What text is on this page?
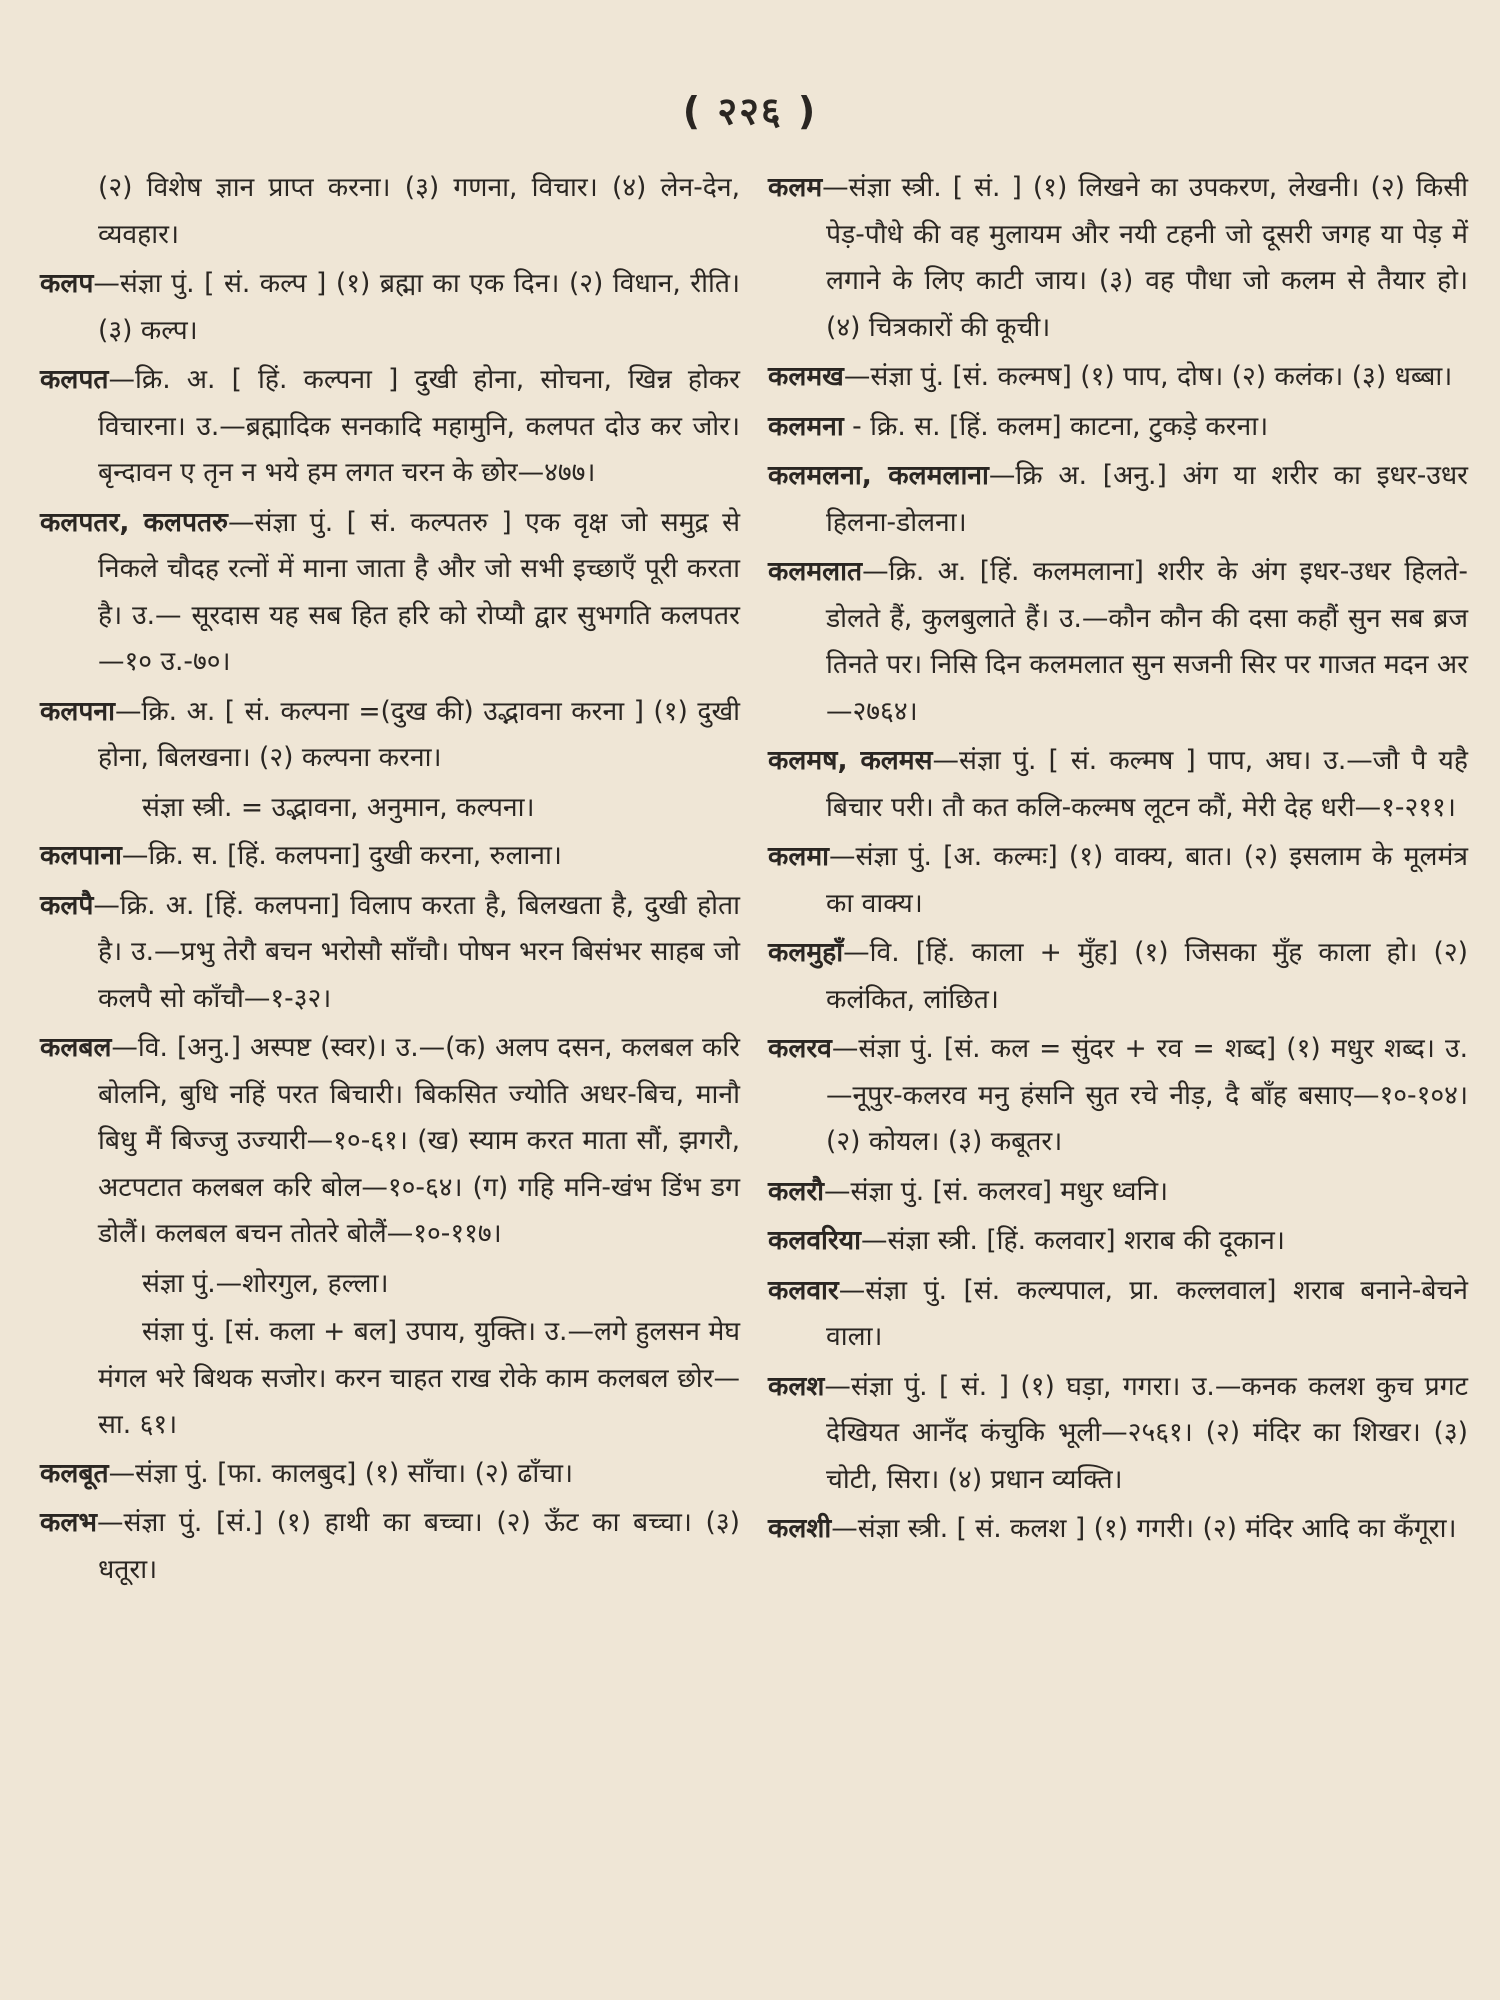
( २२६ )

(२) विशेष ज्ञान प्राप्त करना। (३) गणना, विचार। (४) लेन-देन, व्यवहार।

कलप—संज्ञा पुं. [ सं. कल्प ] (१) ब्रह्मा का एक दिन। (२) विधान, रीति। (३) कल्प।

कलपत—क्रि. अ. [ हिं. कल्पना ] दुखी होना, सोचना, खिन्न होकर विचारना। उ.—ब्रह्मादिक सनकादि महामुनि, कलपत दोउ कर जोर। बृन्दावन ए तृन न भये हम लगत चरन के छोर—४७७।

कलपतर, कलपतरु—संज्ञा पुं. [ सं. कल्पतरु ] एक वृक्ष जो समुद्र से निकले चौदह रत्नों में माना जाता है और जो सभी इच्छाएँ पूरी करता है। उ.— सूरदास यह सब हित हरि को रोप्यौ द्वार सुभगति कलपतर—१० उ.-७०।

कलपना—क्रि. अ. [ सं. कल्पना =(दुख की) उद्भावना करना ] (१) दुखी होना, बिलखना। (२) कल्पना करना।

संज्ञा स्त्री. = उद्भावना, अनुमान, कल्पना।

कलपाना—क्रि. स. [हिं. कलपना] दुखी करना, रुलाना।

कलपै—क्रि. अ. [हिं. कलपना] विलाप करता है, बिलखता है, दुखी होता है। उ.—प्रभु तेरौ बचन भरोसौ साँचौ। पोषन भरन बिसंभर साहब जो कलपै सो काँचौ—१-३२।

कलबल—वि. [अनु.] अस्पष्ट (स्वर)। उ.—(क) अलप दसन, कलबल करि बोलनि, बुधि नहिं परत बिचारी। बिकसित ज्योति अधर-बिच, मानौ बिधु मैं बिज्जु उज्यारी—१०-६१। (ख) स्याम करत माता सौं, झगरौ, अटपटात कलबल करि बोल—१०-६४। (ग) गहि मनि-खंभ डिंभ डग डोलैं। कलबल बचन तोतरे बोलैं—१०-११७।

संज्ञा पुं.—शोरगुल, हल्ला।

संज्ञा पुं. [सं. कला + बल] उपाय, युक्ति। उ.—लगे हुलसन मेघ मंगल भरे बिथक सजोर। करन चाहत राख रोके काम कलबल छोर—सा. ६१।

कलबूत—संज्ञा पुं. [फा. कालबुद] (१) साँचा। (२) ढाँचा।

कलभ—संज्ञा पुं. [सं.] (१) हाथी का बच्चा। (२) ऊँट का बच्चा। (३) धतूरा।

कलम—संज्ञा स्त्री. [ सं. ] (१) लिखने का उपकरण, लेखनी। (२) किसी पेड़-पौधे की वह मुलायम और नयी टहनी जो दूसरी जगह या पेड़ में लगाने के लिए काटी जाय। (३) वह पौधा जो कलम से तैयार हो। (४) चित्रकारों की कूची।

कलमख—संज्ञा पुं. [सं. कल्मष] (१) पाप, दोष। (२) कलंक। (३) धब्बा।

कलमना - क्रि. स. [हिं. कलम] काटना, टुकड़े करना।

कलमलना, कलमलाना—क्रि अ. [अनु.] अंग या शरीर का इधर-उधर हिलना-डोलना।

कलमलात—क्रि. अ. [हिं. कलमलाना] शरीर के अंग इधर-उधर हिलते-डोलते हैं, कुलबुलाते हैं। उ.—कौन कौन की दसा कहौं सुन सब ब्रज तिनते पर। निसि दिन कलमलात सुन सजनी सिर पर गाजत मदन अर—२७६४।

कलमष, कलमस—संज्ञा पुं. [ सं. कल्मष ] पाप, अघ। उ.—जौ पै यहै बिचार परी। तौ कत कलि-कल्मष लूटन कौं, मेरी देह धरी—१-२११।

कलमा—संज्ञा पुं. [अ. कल्मः] (१) वाक्य, बात। (२) इसलाम के मूलमंत्र का वाक्य।

कलमुहाँ—वि. [हिं. काला + मुँह] (१) जिसका मुँह काला हो। (२) कलंकित, लांछित।

कलरव—संज्ञा पुं. [सं. कल = सुंदर + रव = शब्द] (१) मधुर शब्द। उ.—नूपुर-कलरव मनु हंसनि सुत रचे नीड़, दै बाँह बसाए—१०-१०४। (२) कोयल। (३) कबूतर।

कलरौ—संज्ञा पुं. [सं. कलरव] मधुर ध्वनि।

कलवरिया—संज्ञा स्त्री. [हिं. कलवार] शराब की दूकान।

कलवार—संज्ञा पुं. [सं. कल्यपाल, प्रा. कल्लवाल] शराब बनाने-बेचने वाला।

कलश—संज्ञा पुं. [ सं. ] (१) घड़ा, गगरा। उ.—कनक कलश कुच प्रगट देखियत आनँद कंचुकि भूली—२५६१। (२) मंदिर का शिखर। (३) चोटी, सिरा। (४) प्रधान व्यक्ति।

कलशी—संज्ञा स्त्री. [ सं. कलश ] (१) गगरी। (२) मंदिर आदि का कँगूरा।
